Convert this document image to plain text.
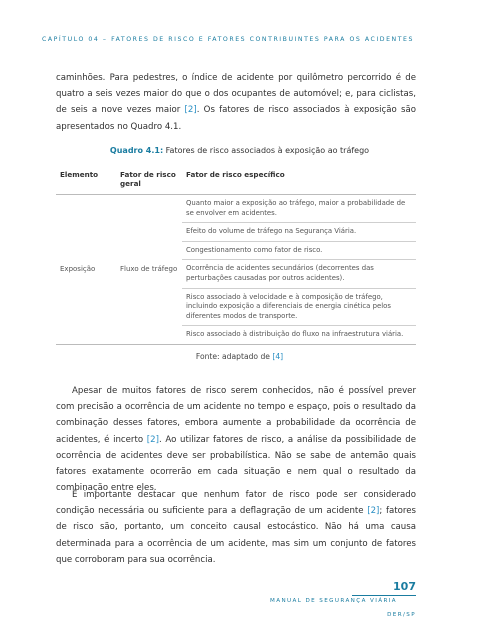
CAPÍTULO 04 – FATORES DE RISCO E FATORES CONTRIBUINTES PARA OS ACIDENTES

caminhões. Para pedestres, o índice de acidente por quilômetro percorrido é de quatro a seis vezes maior do que o dos ocupantes de automóvel; e, para ciclistas, de seis a nove vezes maior [2]. Os fatores de risco associados à exposição são apresentados no Quadro 4.1.

Quadro 4.1: Fatores de risco associados à exposição ao tráfego
Elemento	Fator de risco geral	Fator de risco específico
Exposição	Fluxo de tráfego	Quanto maior a exposição ao tráfego, maior a probabilidade de se envolver em acidentes.
		Efeito do volume de tráfego na Segurança Viária.
		Congestionamento como fator de risco.
		Ocorrência de acidentes secundários (decorrentes das perturbações causadas por outros acidentes).
		Risco associado à velocidade e à composição de tráfego, incluindo exposição a diferenciais de energia cinética pelos diferentes modos de transporte.
		Risco associado à distribuição do fluxo na infraestrutura viária.
Fonte: adaptado de [4]

Apesar de muitos fatores de risco serem conhecidos, não é possível prever com precisão a ocorrência de um acidente no tempo e espaço, pois o resultado da combinação desses fatores, embora aumente a probabilidade da ocorrência de acidentes, é incerto [2]. Ao utilizar fatores de risco, a análise da possibilidade de ocorrência de acidentes deve ser probabilística. Não se sabe de antemão quais fatores exatamente ocorrerão em cada situação e nem qual o resultado da combinação entre eles.

É importante destacar que nenhum fator de risco pode ser considerado condição necessária ou suficiente para a deflagração de um acidente [2]; fatores de risco são, portanto, um conceito causal estocástico. Não há uma causa determinada para a ocorrência de um acidente, mas sim um conjunto de fatores que corroboram para sua ocorrência.

107
MANUAL DE SEGURANÇA VIÁRIA
DER/SP
